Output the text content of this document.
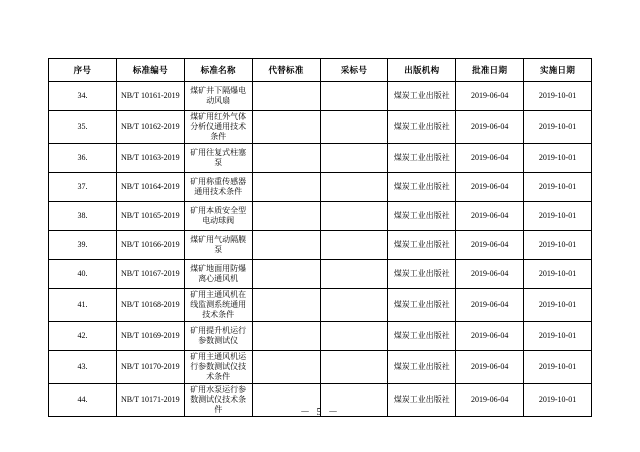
序号	标准编号	标准名称	代替标准	采标号	出版机构	批准日期	实施日期
34.	NB/T 10161-2019	煤矿井下隔爆电动风扇			煤炭工业出版社	2019-06-04	2019-10-01
35.	NB/T 10162-2019	煤矿用红外气体分析仪通用技术条件			煤炭工业出版社	2019-06-04	2019-10-01
36.	NB/T 10163-2019	矿用往复式柱塞泵			煤炭工业出版社	2019-06-04	2019-10-01
37.	NB/T 10164-2019	矿用称重传感器通用技术条件			煤炭工业出版社	2019-06-04	2019-10-01
38.	NB/T 10165-2019	矿用本质安全型电动球阀			煤炭工业出版社	2019-06-04	2019-10-01
39.	NB/T 10166-2019	煤矿用气动隔膜泵			煤炭工业出版社	2019-06-04	2019-10-01
40.	NB/T 10167-2019	煤矿地面用防爆离心通风机			煤炭工业出版社	2019-06-04	2019-10-01
41.	NB/T 10168-2019	矿用主通风机在线监测系统通用技术条件			煤炭工业出版社	2019-06-04	2019-10-01
42.	NB/T 10169-2019	矿用提升机运行参数测试仪			煤炭工业出版社	2019-06-04	2019-10-01
43.	NB/T 10170-2019	矿用主通风机运行参数测试仪技术条件			煤炭工业出版社	2019-06-04	2019-10-01
44.	NB/T 10171-2019	矿用水泵运行参数测试仪技术条件			煤炭工业出版社	2019-06-04	2019-10-01
－ 5 －
